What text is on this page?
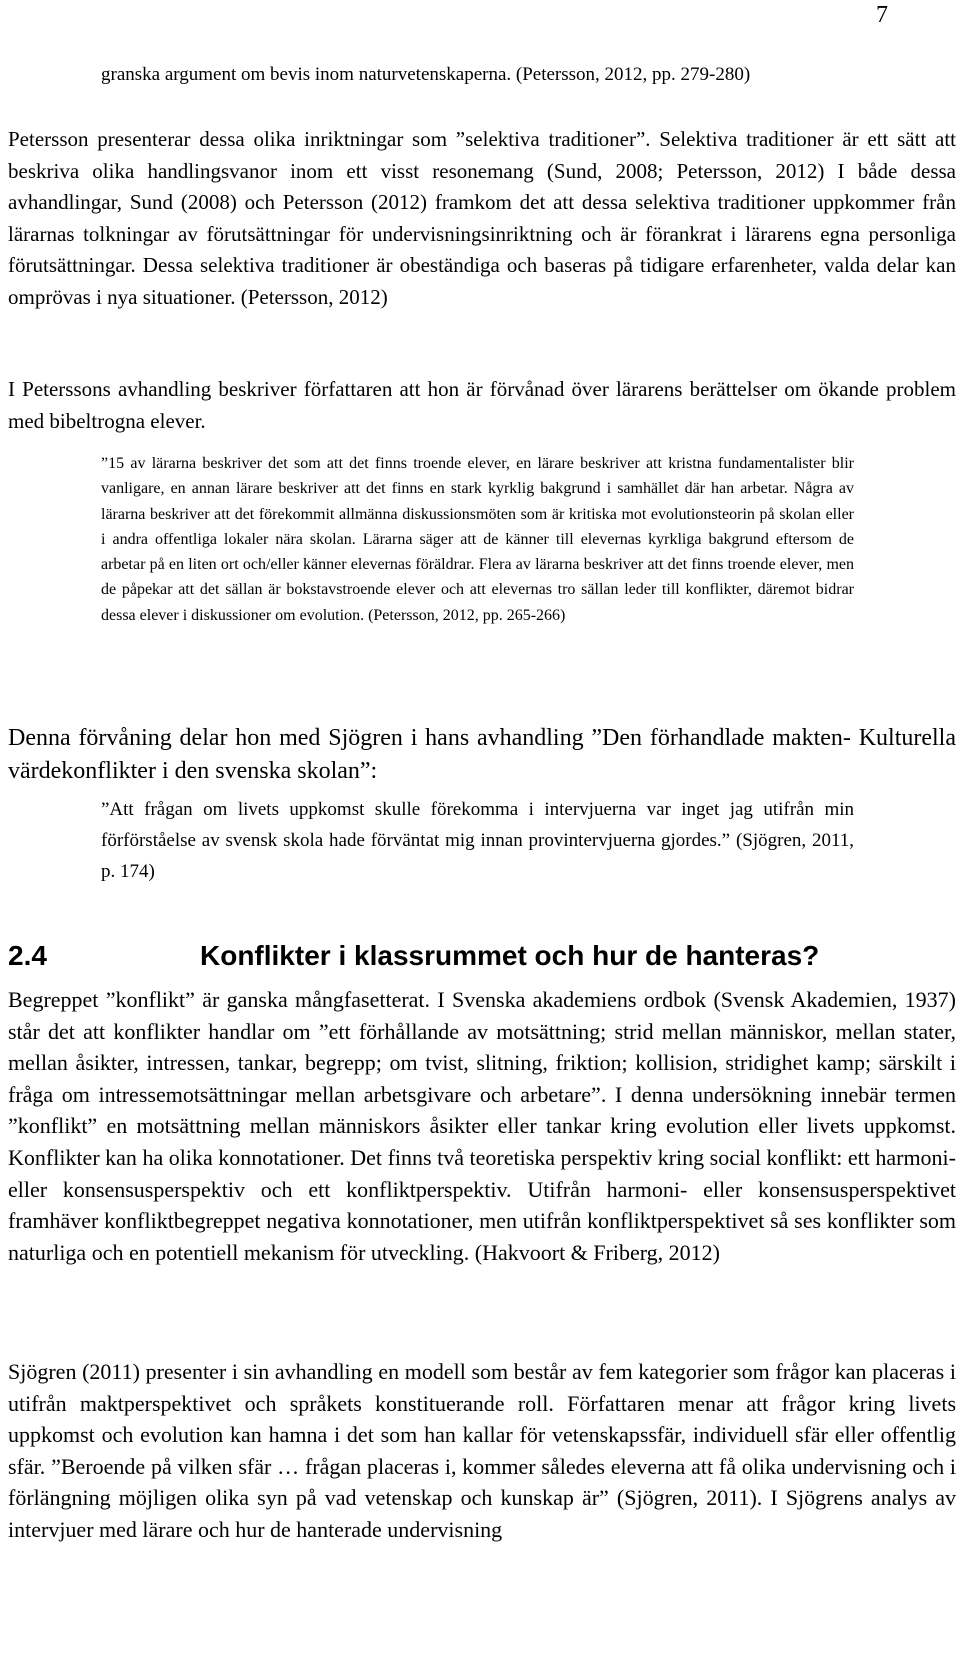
7

granska argument om bevis inom naturvetenskaperna. (Petersson, 2012, pp. 279-280)

Petersson presenterar dessa olika inriktningar som ”selektiva traditioner”. Selektiva traditioner är ett sätt att beskriva olika handlingsvanor inom ett visst resonemang (Sund, 2008; Petersson, 2012) I både dessa avhandlingar, Sund (2008) och Petersson (2012) framkom det att dessa selektiva traditioner uppkommer från lärarnas tolkningar av förutsättningar för undervisningsinriktning och är förankrat i lärarens egna personliga förutsättningar. Dessa selektiva traditioner är obeständiga och baseras på tidigare erfarenheter, valda delar kan omprövas i nya situationer. (Petersson, 2012)

I Peterssons avhandling beskriver författaren att hon är förvånad över lärarens berättelser om ökande problem med bibeltrogna elever.

”15 av lärarna beskriver det som att det finns troende elever, en lärare beskriver att kristna fundamentalister blir vanligare, en annan lärare beskriver att det finns en stark kyrklig bakgrund i samhället där han arbetar. Några av lärarna beskriver att det förekommit allmänna diskussionsmöten som är kritiska mot evolutionsteorin på skolan eller i andra offentliga lokaler nära skolan. Lärarna säger att de känner till elevernas kyrkliga bakgrund eftersom de arbetar på en liten ort och/eller känner elevernas föräldrar. Flera av lärarna beskriver att det finns troende elever, men de påpekar att det sällan är bokstavstroende elever och att elevernas tro sällan leder till konflikter, däremot bidrar dessa elever i diskussioner om evolution. (Petersson, 2012, pp. 265-266)

Denna förvåning delar hon med Sjögren i hans avhandling ”Den förhandlade makten- Kulturella värdekonflikter i den svenska skolan”:

”Att frågan om livets uppkomst skulle förekomma i intervjuerna var inget jag utifrån min förförståelse av svensk skola hade förväntat mig innan provintervjuerna gjordes.” (Sjögren, 2011, p. 174)

2.4	Konflikter i klassrummet och hur de hanteras?

Begreppet ”konflikt” är ganska mångfasetterat. I Svenska akademiens ordbok (Svensk Akademien, 1937) står det att konflikter handlar om ”ett förhållande av motsättning; strid mellan människor, mellan stater, mellan åsikter, intressen, tankar, begrepp; om tvist, slitning, friktion; kollision, stridighet kamp; särskilt i fråga om intressemotsättningar mellan arbetsgivare och arbetare”. I denna undersökning innebär termen ”konflikt” en motsättning mellan människors åsikter eller tankar kring evolution eller livets uppkomst. Konflikter kan ha olika konnotationer. Det finns två teoretiska perspektiv kring social konflikt: ett harmoni- eller konsensusperspektiv och ett konfliktperspektiv. Utifrån harmoni- eller konsensusperspektivet framhäver konfliktbegreppet negativa konnotationer, men utifrån konfliktperspektivet så ses konflikter som naturliga och en potentiell mekanism för utveckling. (Hakvoort & Friberg, 2012)

Sjögren (2011) presenter i sin avhandling en modell som består av fem kategorier som frågor kan placeras i utifrån maktperspektivet och språkets konstituerande roll. Författaren menar att frågor kring livets uppkomst och evolution kan hamna i det som han kallar för vetenskapssfär, individuell sfär eller offentlig sfär. ”Beroende på vilken sfär … frågan placeras i, kommer således eleverna att få olika undervisning och i förlängning möjligen olika syn på vad vetenskap och kunskap är” (Sjögren, 2011). I Sjögrens analys av intervjuer med lärare och hur de hanterade undervisning
